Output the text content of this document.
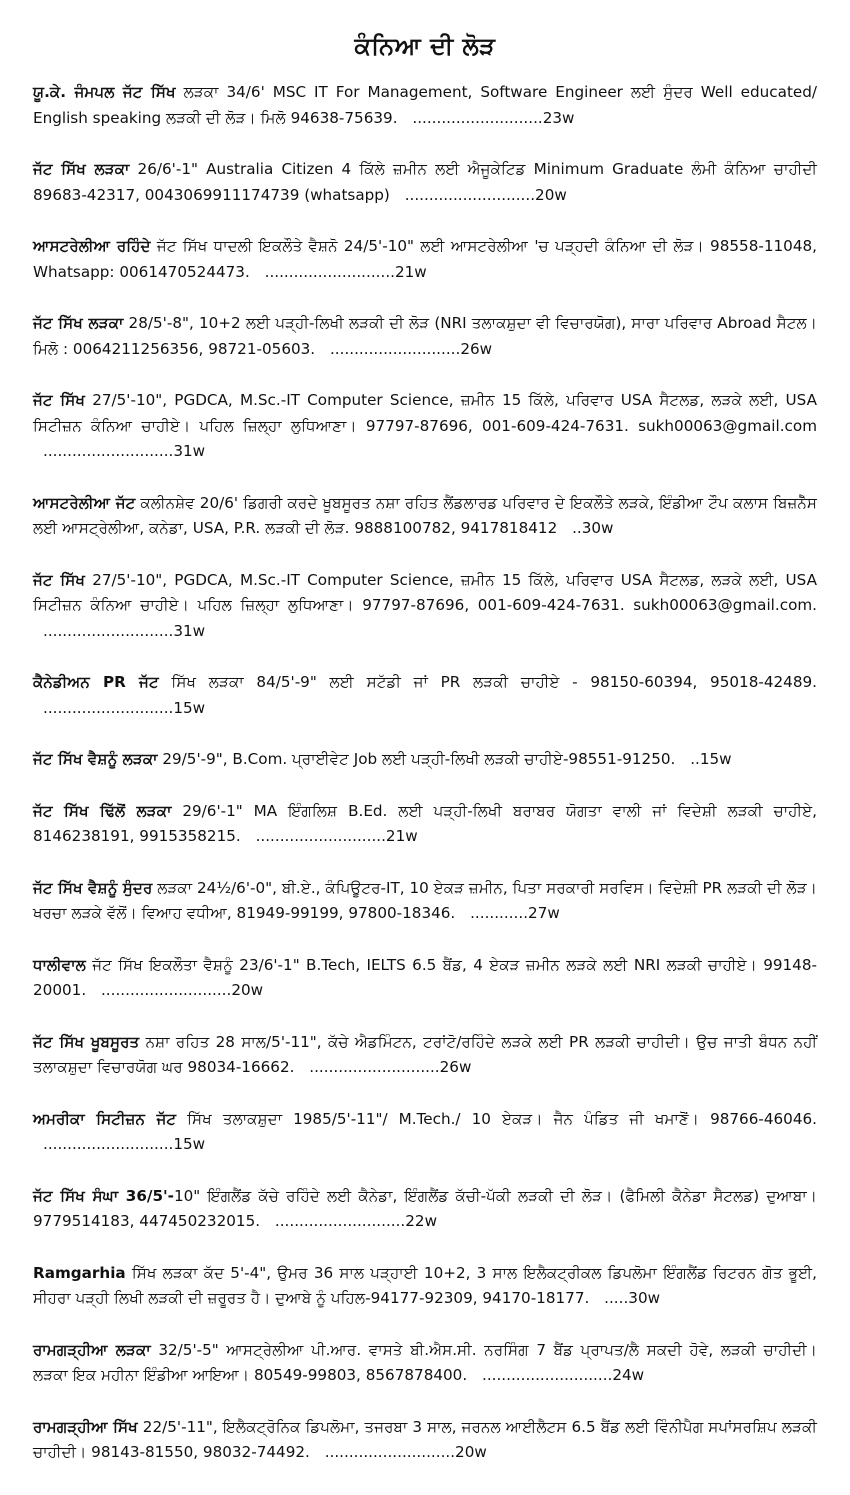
ਕੰਨਿਆ ਦੀ ਲੋੜ
ਯੂ.ਕੇ. ਜੰਮਪਲ ਜੱਟ ਸਿੱਖ ਲੜਕਾ 34/6' MSC IT For Management, Software Engineer ਲਈ ਸੁੰਦਰ Well educated/ English speaking ਲੜਕੀ ਦੀ ਲੋੜ। ਮਿਲੋ 94638-75639. ...........................23w
ਜੱਟ ਸਿੱਖ ਲੜਕਾ 26/6'-1" Australia Citizen 4 ਕਿੱਲੇ ਜ਼ਮੀਨ ਲਈ ਐਜੂਕੇਟਿਡ Minimum Graduate ਲੰਮੀ ਕੰਨਿਆ ਚਾਹੀਦੀ 89683-42317, 0043069911174739 (whatsapp) ...........................20w
ਆਸਟਰੇਲੀਆ ਰਹਿੰਦੇ ਜੱਟ ਸਿੱਖ ਧਾਦਲੀ ਇਕਲੌਤੇ ਵੈਸ਼ਨੋ 24/5'-10" ਲਈ ਆਸਟਰੇਲੀਆ 'ਚ ਪੜ੍ਹਦੀ ਕੰਨਿਆ ਦੀ ਲੋੜ। 98558-11048, Whatsapp: 0061470524473. ...........................21w
ਜੱਟ ਸਿੱਖ ਲੜਕਾ 28/5'-8", 10+2 ਲਈ ਪੜ੍ਹੀ-ਲਿਖੀ ਲੜਕੀ ਦੀ ਲੋੜ (NRI ਤਲਾਕਸ਼ੁਦਾ ਵੀ ਵਿਚਾਰਯੋਗ), ਸਾਰਾ ਪਰਿਵਾਰ Abroad ਸੈਟਲ। ਮਿਲੋ : 0064211256356, 98721-05603. ...........................26w
ਜੱਟ ਸਿੱਖ 27/5'-10", PGDCA, M.Sc.-IT Computer Science, ਜ਼ਮੀਨ 15 ਕਿੱਲੇ, ਪਰਿਵਾਰ USA ਸੈਟਲਡ, ਲੜਕੇ ਲਈ, USA ਸਿਟੀਜ਼ਨ ਕੰਨਿਆ ਚਾਹੀਏ। ਪਹਿਲ ਜ਼ਿਲ੍ਹਾ ਲੁਧਿਆਣਾ। 97797-87696, 001-609-424-7631. sukh00063@gmail.com ...........................31w
ਆਸਟਰੇਲੀਆ ਜੱਟ ਕਲੀਨਸ਼ੇਵ 20/6' ਡਿਗਰੀ ਕਰਦੇ ਖੂਬਸੂਰਤ ਨਸ਼ਾ ਰਹਿਤ ਲੈਂਡਲਾਰਡ ਪਰਿਵਾਰ ਦੇ ਇਕਲੌਤੇ ਲੜਕੇ, ਇੰਡੀਆ ਟੌਪ ਕਲਾਸ ਬਿਜ਼ਨੈੱਸ ਲਈ ਆਸਟ੍ਰੇਲੀਆ, ਕਨੇਡਾ, USA, P.R. ਲੜਕੀ ਦੀ ਲੋੜ. 9888100782, 9417818412 ..30w
ਜੱਟ ਸਿੱਖ 27/5'-10", PGDCA, M.Sc.-IT Computer Science, ਜ਼ਮੀਨ 15 ਕਿੱਲੇ, ਪਰਿਵਾਰ USA ਸੈਟਲਡ, ਲੜਕੇ ਲਈ, USA ਸਿਟੀਜ਼ਨ ਕੰਨਿਆ ਚਾਹੀਏ। ਪਹਿਲ ਜ਼ਿਲ੍ਹਾ ਲੁਧਿਆਣਾ। 97797-87696, 001-609-424-7631. sukh00063@gmail.com. ...........................31w
ਕੈਨੇਡੀਅਨ PR ਜੱਟ ਸਿੱਖ ਲੜਕਾ 84/5'-9" ਲਈ ਸਟੱਡੀ ਜਾਂ PR ਲੜਕੀ ਚਾਹੀਏ - 98150-60394, 95018-42489. ...........................15w
ਜੱਟ ਸਿੱਖ ਵੈਸ਼ਨੂੰ ਲੜਕਾ 29/5'-9", B.Com. ਪ੍ਰਾਈਵੇਟ Job ਲਈ ਪੜ੍ਹੀ-ਲਿਖੀ ਲੜਕੀ ਚਾਹੀਏ-98551-91250. ..15w
ਜੱਟ ਸਿੱਖ ਢਿੱਲੋਂ ਲੜਕਾ 29/6'-1" MA ਇੰਗਲਿਸ਼ B.Ed. ਲਈ ਪੜ੍ਹੀ-ਲਿਖੀ ਬਰਾਬਰ ਯੋਗਤਾ ਵਾਲੀ ਜਾਂ ਵਿਦੇਸ਼ੀ ਲੜਕੀ ਚਾਹੀਏ, 8146238191, 9915358215. ...........................21w
ਜੱਟ ਸਿੱਖ ਵੈਸ਼ਨੂੰ ਸੁੰਦਰ ਲੜਕਾ 24½/6'-0", ਬੀ.ਏ., ਕੰਪਿਊਟਰ-IT, 10 ਏਕੜ ਜ਼ਮੀਨ, ਪਿਤਾ ਸਰਕਾਰੀ ਸਰਵਿਸ। ਵਿਦੇਸ਼ੀ PR ਲੜਕੀ ਦੀ ਲੋੜ। ਖਰਚਾ ਲੜਕੇ ਵੱਲੋਂ। ਵਿਆਹ ਵਧੀਆ, 81949-99199, 97800-18346. ............27w
ਧਾਲੀਵਾਲ ਜੱਟ ਸਿੱਖ ਇਕਲੌਤਾ ਵੈਸ਼ਨੂੰ 23/6'-1" B.Tech, IELTS 6.5 ਬੈਂਡ, 4 ਏਕੜ ਜ਼ਮੀਨ ਲੜਕੇ ਲਈ NRI ਲੜਕੀ ਚਾਹੀਏ। 99148-20001. ...........................20w
ਜੱਟ ਸਿੱਖ ਖੂਬਸੂਰਤ ਨਸ਼ਾ ਰਹਿਤ 28 ਸਾਲ/5'-11", ਕੱਚੇ ਐਡਮਿੰਟਨ, ਟਰਾਂਟੋ/ਰਹਿੰਦੇ ਲੜਕੇ ਲਈ PR ਲੜਕੀ ਚਾਹੀਦੀ। ਉਚ ਜਾਤੀ ਬੰਧਨ ਨਹੀਂ ਤਲਾਕਸ਼ੁਦਾ ਵਿਚਾਰਯੋਗ ਘਰ 98034-16662. ...........................26w
ਅਮਰੀਕਾ ਸਿਟੀਜ਼ਨ ਜੱਟ ਸਿੱਖ ਤਲਾਕਸ਼ੁਦਾ 1985/5'-11"/ M.Tech./ 10 ਏਕੜ। ਜੈਨ ਪੰਡਿਤ ਜੀ ਖਮਾਣੋਂ। 98766-46046. ...........................15w
ਜੱਟ ਸਿੱਖ ਸੰਘਾ 36/5'-10" ਇੰਗਲੈਂਡ ਕੱਚੇ ਰਹਿੰਦੇ ਲਈ ਕੈਨੇਡਾ, ਇੰਗਲੈਂਡ ਕੱਚੀ-ਪੱਕੀ ਲੜਕੀ ਦੀ ਲੋੜ। (ਫੈਮਿਲੀ ਕੈਨੇਡਾ ਸੈਟਲਡ) ਦੁਆਬਾ। 9779514183, 447450232015. ...........................22w
Ramgarhia ਸਿੱਖ ਲੜਕਾ ਕੱਦ 5'-4", ਉਮਰ 36 ਸਾਲ ਪੜ੍ਹਾਈ 10+2, 3 ਸਾਲ ਇਲੈਕਟ੍ਰੀਕਲ ਡਿਪਲੋਮਾ ਇੰਗਲੈਂਡ ਰਿਟਰਨ ਗੋਤ ਭੂਈ, ਸੀਹਰਾ ਪੜ੍ਹੀ ਲਿਖੀ ਲੜਕੀ ਦੀ ਜ਼ਰੂਰਤ ਹੈ। ਦੁਆਬੇ ਨੂੰ ਪਹਿਲ-94177-92309, 94170-18177. .....30w
ਰਾਮਗੜ੍ਹੀਆ ਲੜਕਾ 32/5'-5" ਆਸਟ੍ਰੇਲੀਆ ਪੀ.ਆਰ. ਵਾਸਤੇ ਬੀ.ਐਸ.ਸੀ. ਨਰਸਿੰਗ 7 ਬੈਂਡ ਪ੍ਰਾਪਤ/ਲੈ ਸਕਦੀ ਹੋਵੇ, ਲੜਕੀ ਚਾਹੀਦੀ। ਲੜਕਾ ਇਕ ਮਹੀਨਾ ਇੰਡੀਆ ਆਇਆ। 80549-99803, 8567878400. ...........................24w
ਰਾਮਗੜ੍ਹੀਆ ਸਿੱਖ 22/5'-11", ਇਲੈਕਟ੍ਰੋਨਿਕ ਡਿਪਲੋਮਾ, ਤਜਰਬਾ 3 ਸਾਲ, ਜਰਨਲ ਆਈਲੈਟਸ 6.5 ਬੈਂਡ ਲਈ ਵਿੰਨੀਪੈਗ ਸਪਾਂਸਰਸ਼ਿਪ ਲੜਕੀ ਚਾਹੀਦੀ। 98143-81550, 98032-74492. ...........................20w
